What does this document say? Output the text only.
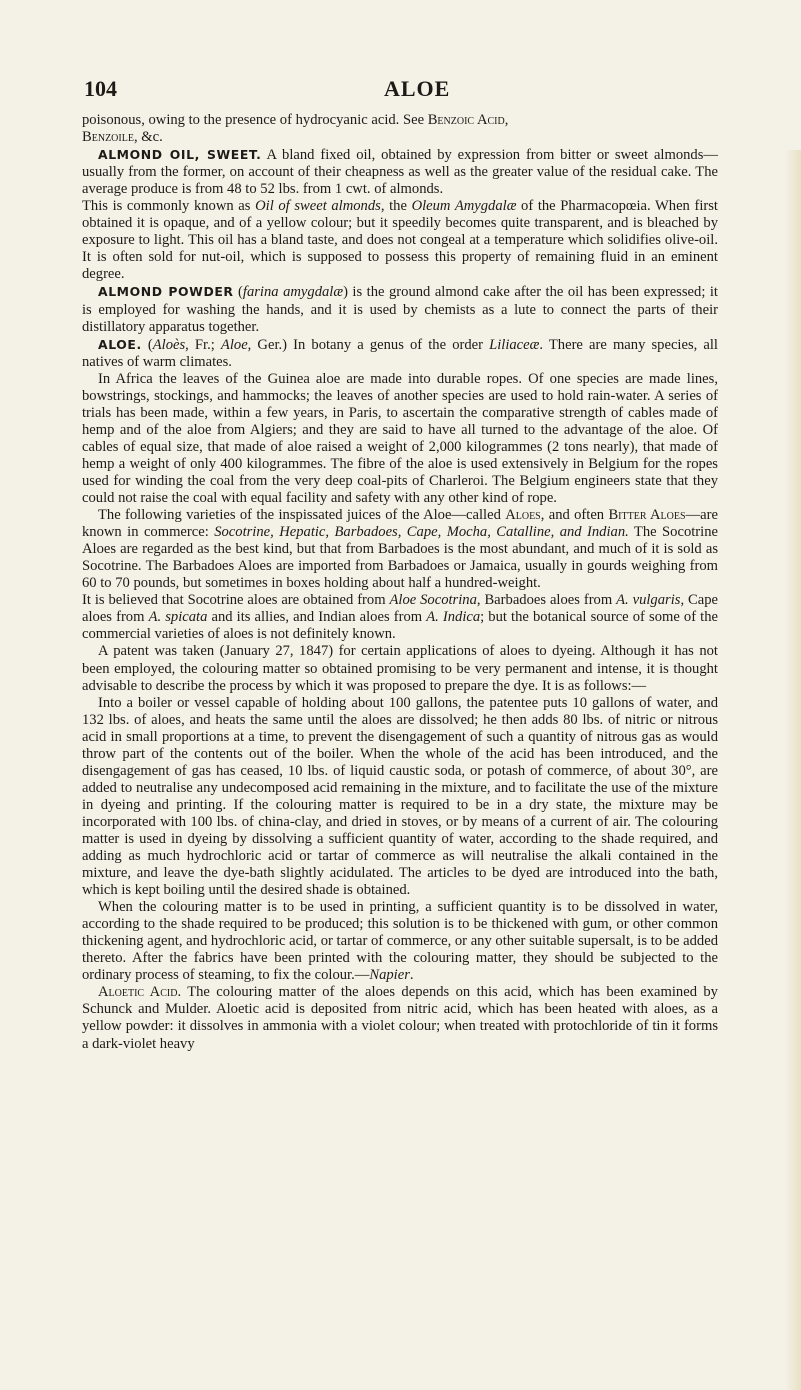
104	ALOE

poisonous, owing to the presence of hydrocyanic acid. See Benzoic Acid,
Benzoile, &c.

ALMOND OIL, SWEET. A bland fixed oil, obtained by expression from bitter or sweet almonds—usually from the former, on account of their cheapness as well as the greater value of the residual cake. The average produce is from 48 to 52 lbs. from 1 cwt. of almonds.

This is commonly known as Oil of sweet almonds, the Oleum Amygdalæ of the Pharmacopœia. When first obtained it is opaque, and of a yellow colour; but it speedily becomes quite transparent, and is bleached by exposure to light. This oil has a bland taste, and does not congeal at a temperature which solidifies olive-oil. It is often sold for nut-oil, which is supposed to possess this property of remaining fluid in an eminent degree.

ALMOND POWDER (farina amygdalæ) is the ground almond cake after the oil has been expressed; it is employed for washing the hands, and it is used by chemists as a lute to connect the parts of their distillatory apparatus together.

ALOE. (Aloès, Fr.; Aloe, Ger.) In botany a genus of the order Liliaceæ. There are many species, all natives of warm climates.

In Africa the leaves of the Guinea aloe are made into durable ropes. Of one species are made lines, bowstrings, stockings, and hammocks; the leaves of another species are used to hold rain-water. A series of trials has been made, within a few years, in Paris, to ascertain the comparative strength of cables made of hemp and of the aloe from Algiers; and they are said to have all turned to the advantage of the aloe. Of cables of equal size, that made of aloe raised a weight of 2,000 kilogrammes (2 tons nearly), that made of hemp a weight of only 400 kilogrammes. The fibre of the aloe is used extensively in Belgium for the ropes used for winding the coal from the very deep coal-pits of Charleroi. The Belgium engineers state that they could not raise the coal with equal facility and safety with any other kind of rope.

The following varieties of the inspissated juices of the Aloe—called Aloes, and often Bitter Aloes—are known in commerce: Socotrine, Hepatic, Barbadoes, Cape, Mocha, Catalline, and Indian. The Socotrine Aloes are regarded as the best kind, but that from Barbadoes is the most abundant, and much of it is sold as Socotrine. The Barbadoes Aloes are imported from Barbadoes or Jamaica, usually in gourds weighing from 60 to 70 pounds, but sometimes in boxes holding about half a hundred-weight.

It is believed that Socotrine aloes are obtained from Aloe Socotrina, Barbadoes aloes from A. vulgaris, Cape aloes from A. spicata and its allies, and Indian aloes from A. Indica; but the botanical source of some of the commercial varieties of aloes is not definitely known.

A patent was taken (January 27, 1847) for certain applications of aloes to dyeing. Although it has not been employed, the colouring matter so obtained promising to be very permanent and intense, it is thought advisable to describe the process by which it was proposed to prepare the dye. It is as follows:—

Into a boiler or vessel capable of holding about 100 gallons, the patentee puts 10 gallons of water, and 132 lbs. of aloes, and heats the same until the aloes are dissolved; he then adds 80 lbs. of nitric or nitrous acid in small proportions at a time, to prevent the disengagement of such a quantity of nitrous gas as would throw part of the contents out of the boiler. When the whole of the acid has been introduced, and the disengagement of gas has ceased, 10 lbs. of liquid caustic soda, or potash of commerce, of about 30°, are added to neutralise any undecomposed acid remaining in the mixture, and to facilitate the use of the mixture in dyeing and printing. If the colouring matter is required to be in a dry state, the mixture may be incorporated with 100 lbs. of china-clay, and dried in stoves, or by means of a current of air. The colouring matter is used in dyeing by dissolving a sufficient quantity of water, according to the shade required, and adding as much hydrochloric acid or tartar of commerce as will neutralise the alkali contained in the mixture, and leave the dye-bath slightly acidulated. The articles to be dyed are introduced into the bath, which is kept boiling until the desired shade is obtained.

When the colouring matter is to be used in printing, a sufficient quantity is to be dissolved in water, according to the shade required to be produced; this solution is to be thickened with gum, or other common thickening agent, and hydrochloric acid, or tartar of commerce, or any other suitable supersalt, is to be added thereto. After the fabrics have been printed with the colouring matter, they should be subjected to the ordinary process of steaming, to fix the colour.—Napier.

Aloetic Acid. The colouring matter of the aloes depends on this acid, which has been examined by Schunck and Mulder. Aloetic acid is deposited from nitric acid, which has been heated with aloes, as a yellow powder: it dissolves in ammonia with a violet colour; when treated with protochloride of tin it forms a dark-violet heavy
